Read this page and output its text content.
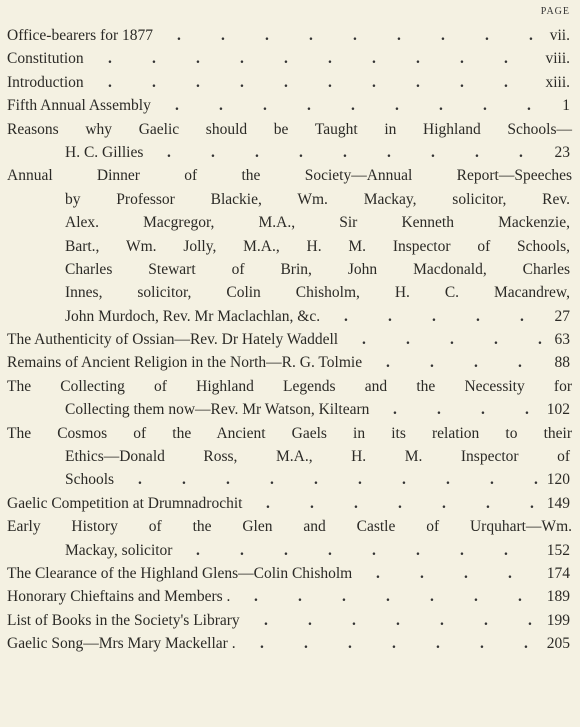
PAGE
Office-bearers for 1877 .	.	.	.	.	.	.	.	. vii.
Constitution .	.	.	.	.	.	.	.	.	. viii.
Introduction .	.	.	.	.	.	.	.	.	. xiii.
Fifth Annual Assembly .	.	.	.	.	.	.	.	. 1
Reasons why Gaelic should be Taught in Highland Schools—
H. C. Gillies .	.	.	.	.	.	.	.	. 23
Annual Dinner of the Society—Annual Report—Speeches
by Professor Blackie, Wm. Mackay, solicitor, Rev.
Alex. Macgregor, M.A., Sir Kenneth Mackenzie,
Bart., Wm. Jolly, M.A., H. M. Inspector of Schools,
Charles Stewart of Brin, John Macdonald, Charles
Innes, solicitor, Colin Chisholm, H. C. Macandrew,
John Murdoch, Rev. Mr Maclachlan, &c. .	.	.	.	. 27
The Authenticity of Ossian—Rev. Dr Hately Waddell .	.	.	.	. 63
Remains of Ancient Religion in the North—R. G. Tolmie .	.	.	. 88
The Collecting of Highland Legends and the Necessity for
Collecting them now—Rev. Mr Watson, Kiltearn .	.	.	. 102
The Cosmos of the Ancient Gaels in its relation to their
Ethics—Donald Ross, M.A., H. M. Inspector of
Schools .	.	.	.	.	.	.	.	.	. 120
Gaelic Competition at Drumnadrochit .	.	.	.	.	.	. 149
Early History of the Glen and Castle of Urquhart—Wm.
Mackay, solicitor .	.	.	.	.	.	.	.	152
The Clearance of the Highland Glens—Colin Chisholm .	.	.	. 174
Honorary Chieftains and Members . .	.	.	.	.	.	. 189
List of Books in the Society's Library .	.	.	.	.	.	. 199
Gaelic Song—Mrs Mary Mackellar . .	.	.	.	.	.	. 205
